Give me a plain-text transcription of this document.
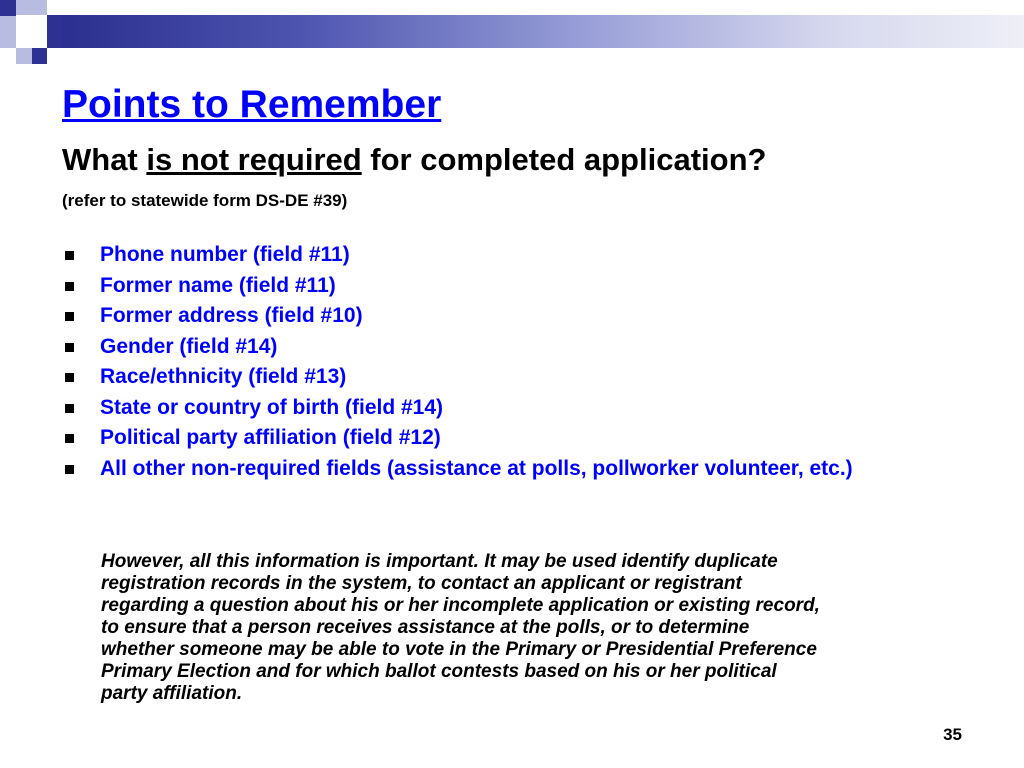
Points to Remember
What is not required for completed application?

(refer to statewide form DS-DE #39)

Phone number (field #11)
Former name (field #11)
Former address (field #10)
Gender (field #14)
Race/ethnicity (field #13)
State or country of birth (field #14)
Political party affiliation (field #12)
All other non-required fields (assistance at polls, pollworker volunteer, etc.)

However, all this information is important. It may be used identify duplicate
registration records in the system, to contact an applicant or registrant
regarding a question about his or her incomplete application or existing record,
to ensure that a person receives assistance at the polls, or to determine
whether someone may be able to vote in the Primary or Presidential Preference
Primary Election and for which ballot contests based on his or her political
party affiliation.

35
